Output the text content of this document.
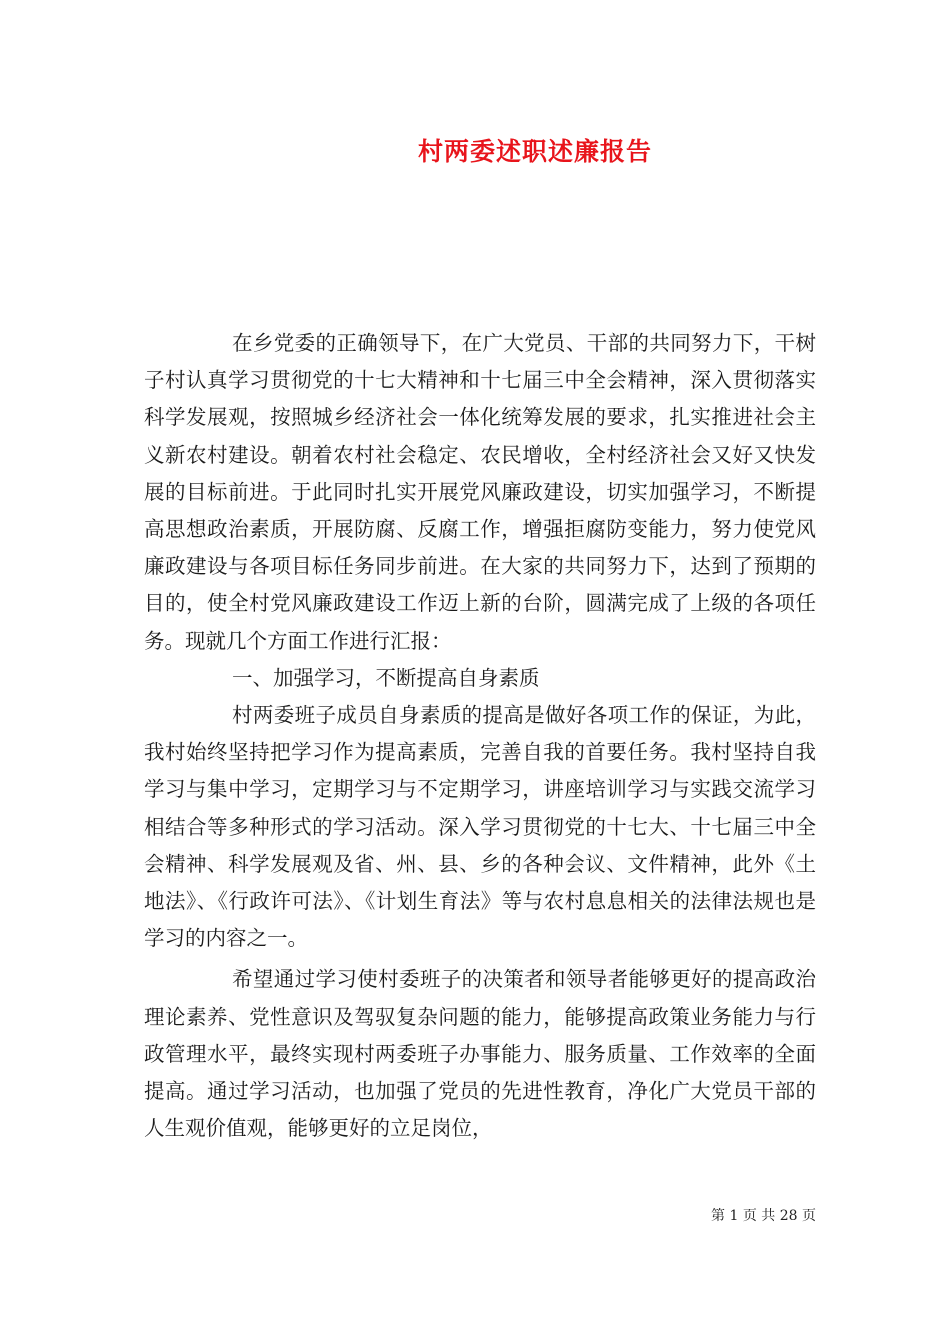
村两委述职述廉报告

在乡党委的正确领导下，在广大党员、干部的共同努力下，干树子村认真学习贯彻党的十七大精神和十七届三中全会精神，深入贯彻落实科学发展观，按照城乡经济社会一体化统筹发展的要求，扎实推进社会主义新农村建设。朝着农村社会稳定、农民增收，全村经济社会又好又快发展的目标前进。于此同时扎实开展党风廉政建设，切实加强学习，不断提高思想政治素质，开展防腐、反腐工作，增强拒腐防变能力，努力使党风廉政建设与各项目标任务同步前进。在大家的共同努力下，达到了预期的目的，使全村党风廉政建设工作迈上新的台阶，圆满完成了上级的各项任务。现就几个方面工作进行汇报：

一、加强学习，不断提高自身素质

村两委班子成员自身素质的提高是做好各项工作的保证，为此，我村始终坚持把学习作为提高素质，完善自我的首要任务。我村坚持自我学习与集中学习，定期学习与不定期学习，讲座培训学习与实践交流学习相结合等多种形式的学习活动。深入学习贯彻党的十七大、十七届三中全会精神、科学发展观及省、州、县、乡的各种会议、文件精神，此外《土地法》、《行政许可法》、《计划生育法》等与农村息息相关的法律法规也是学习的内容之一。

希望通过学习使村委班子的决策者和领导者能够更好的提高政治理论素养、党性意识及驾驭复杂问题的能力，能够提高政策业务能力与行政管理水平，最终实现村两委班子办事能力、服务质量、工作效率的全面提高。通过学习活动，也加强了党员的先进性教育，净化广大党员干部的人生观价值观，能够更好的立足岗位，

第 1 页 共 28 页
